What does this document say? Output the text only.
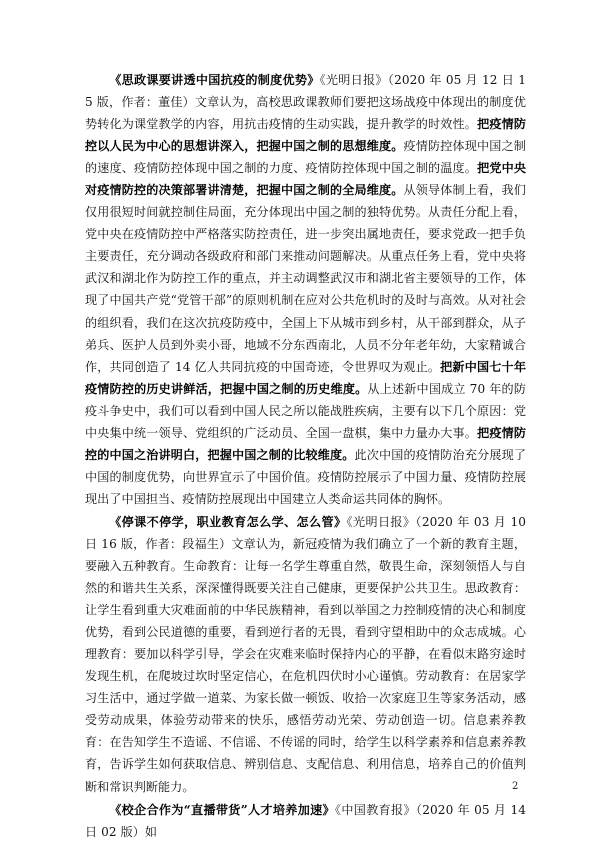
《思政课要讲透中国抗疫的制度优势》《光明日报》（2020 年 05 月 12 日 15 版，作者：董佳）文章认为，高校思政课教师们要把这场战疫中体现出的制度优势转化为课堂教学的内容，用抗击疫情的生动实践，提升教学的时效性。把疫情防控以人民为中心的思想讲深入，把握中国之制的思想维度。疫情防控体现中国之制的速度、疫情防控体现中国之制的力度、疫情防控体现中国之制的温度。把党中央对疫情防控的决策部署讲清楚，把握中国之制的全局维度。从领导体制上看，我们仅用很短时间就控制住局面，充分体现出中国之制的独特优势。从责任分配上看，党中央在疫情防控中严格落实防控责任，进一步突出属地责任，要求党政一把手负主要责任，充分调动各级政府和部门来推动问题解决。从重点任务上看，党中央将武汉和湖北作为防控工作的重点，并主动调整武汉市和湖北省主要领导的工作，体现了中国共产党“党管干部”的原则机制在应对公共危机时的及时与高效。从对社会的组织看，我们在这次抗疫防疫中，全国上下从城市到乡村，从干部到群众，从子弟兵、医护人员到外卖小哥，地域不分东西南北，人员不分年老年幼，大家精诚合作，共同创造了 14 亿人共同抗疫的中国奇迹，令世界叹为观止。把新中国七十年疫情防控的历史讲鲜活，把握中国之制的历史维度。从上述新中国成立 70 年的防疫斗争史中，我们可以看到中国人民之所以能战胜疾病，主要有以下几个原因：党中央集中统一领导、党组织的广泛动员、全国一盘棋，集中力量办大事。把疫情防控的中国之治讲明白，把握中国之制的比较维度。此次中国的疫情防治充分展现了中国的制度优势，向世界宣示了中国价值。疫情防控展示了中国力量、疫情防控展现出了中国担当、疫情防控展现出中国建立人类命运共同体的胸怀。

《停课不停学，职业教育怎么学、怎么管》《光明日报》（2020 年 03 月 10 日 16 版，作者：段福生）文章认为，新冠疫情为我们确立了一个新的教育主题，要融入五种教育。生命教育：让每一名学生尊重自然，敬畏生命，深刻领悟人与自然的和谐共生关系，深深懂得既要关注自己健康，更要保护公共卫生。思政教育：让学生看到重大灾难面前的中华民族精神，看到以举国之力控制疫情的决心和制度优势，看到公民道德的重要，看到逆行者的无畏，看到守望相助中的众志成城。心理教育：要加以科学引导，学会在灾难来临时保持内心的平静，在看似末路穷途时发现生机，在爬坡过坎时坚定信心，在危机四伏时小心谨慎。劳动教育：在居家学习生活中，通过学做一道菜、为家长做一顿饭、收拾一次家庭卫生等家务活动，感受劳动成果，体验劳动带来的快乐，感悟劳动光荣、劳动创造一切。信息素养教育：在告知学生不造谣、不信谣、不传谣的同时，给学生以科学素养和信息素养教育，告诉学生如何获取信息、辨别信息、支配信息、利用信息，培养自己的价值判断和常识判断能力。

《校企合作为“直播带货”人才培养加速》《中国教育报》（2020 年 05 月 14 日 02 版）如

2
